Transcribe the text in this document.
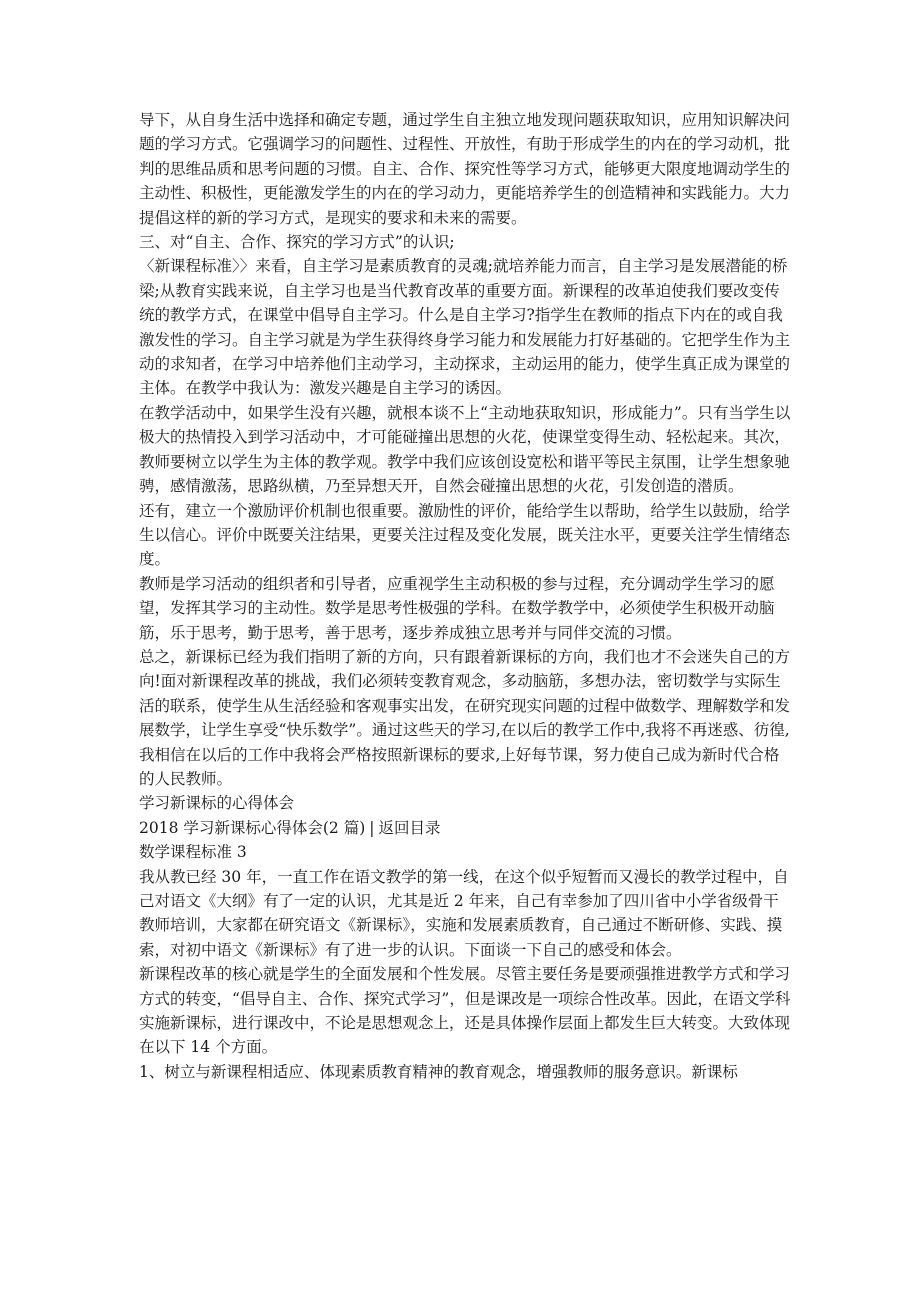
导下，从自身生活中选择和确定专题，通过学生自主独立地发现问题获取知识，应用知识解决问题的学习方式。它强调学习的问题性、过程性、开放性，有助于形成学生的内在的学习动机，批判的思维品质和思考问题的习惯。自主、合作、探究性等学习方式，能够更大限度地调动学生的主动性、积极性，更能激发学生的内在的学习动力，更能培养学生的创造精神和实践能力。大力提倡这样的新的学习方式，是现实的要求和未来的需要。

三、对“自主、合作、探究的学习方式”的认识;

〈新课程标准〉〉来看，自主学习是素质教育的灵魂;就培养能力而言，自主学习是发展潜能的桥梁;从教育实践来说，自主学习也是当代教育改革的重要方面。新课程的改革迫使我们要改变传统的教学方式，在课堂中倡导自主学习。什么是自主学习?指学生在教师的指点下内在的或自我激发性的学习。自主学习就是为学生获得终身学习能力和发展能力打好基础的。它把学生作为主动的求知者，在学习中培养他们主动学习，主动探求，主动运用的能力，使学生真正成为课堂的主体。在教学中我认为：激发兴趣是自主学习的诱因。

在教学活动中，如果学生没有兴趣，就根本谈不上“主动地获取知识，形成能力”。只有当学生以极大的热情投入到学习活动中，才可能碰撞出思想的火花，使课堂变得生动、轻松起来。其次，教师要树立以学生为主体的教学观。教学中我们应该创设宽松和谐平等民主氛围，让学生想象驰骋，感情激荡，思路纵横，乃至异想天开，自然会碰撞出思想的火花，引发创造的潜质。

还有，建立一个激励评价机制也很重要。激励性的评价，能给学生以帮助，给学生以鼓励，给学生以信心。评价中既要关注结果，更要关注过程及变化发展，既关注水平，更要关注学生情绪态度。

教师是学习活动的组织者和引导者，应重视学生主动积极的参与过程，充分调动学生学习的愿望，发挥其学习的主动性。数学是思考性极强的学科。在数学教学中，必须使学生积极开动脑筋，乐于思考，勤于思考，善于思考，逐步养成独立思考并与同伴交流的习惯。

总之，新课标已经为我们指明了新的方向，只有跟着新课标的方向，我们也才不会迷失自己的方向!面对新课程改革的挑战，我们必须转变教育观念，多动脑筋，多想办法，密切数学与实际生活的联系，使学生从生活经验和客观事实出发，在研究现实问题的过程中做数学、理解数学和发展数学，让学生享受“快乐数学”。通过这些天的学习,在以后的教学工作中,我将不再迷惑、彷徨,我相信在以后的工作中我将会严格按照新课标的要求,上好每节课，努力使自己成为新时代合格的人民教师。

学习新课标的心得体会

2018 学习新课标心得体会(2 篇) | 返回目录

数学课程标准 3

我从教已经 30 年，一直工作在语文教学的第一线，在这个似乎短暂而又漫长的教学过程中，自己对语文《大纲》有了一定的认识，尤其是近 2 年来，自己有幸参加了四川省中小学省级骨干教师培训，大家都在研究语文《新课标》，实施和发展素质教育，自己通过不断研修、实践、摸索，对初中语文《新课标》有了进一步的认识。下面谈一下自己的感受和体会。

新课程改革的核心就是学生的全面发展和个性发展。尽管主要任务是要顽强推进教学方式和学习方式的转变，“倡导自主、合作、探究式学习”，但是课改是一项综合性改革。因此，在语文学科实施新课标，进行课改中，不论是思想观念上，还是具体操作层面上都发生巨大转变。大致体现在以下 14 个方面。

1、树立与新课程相适应、体现素质教育精神的教育观念，增强教师的服务意识。新课标
